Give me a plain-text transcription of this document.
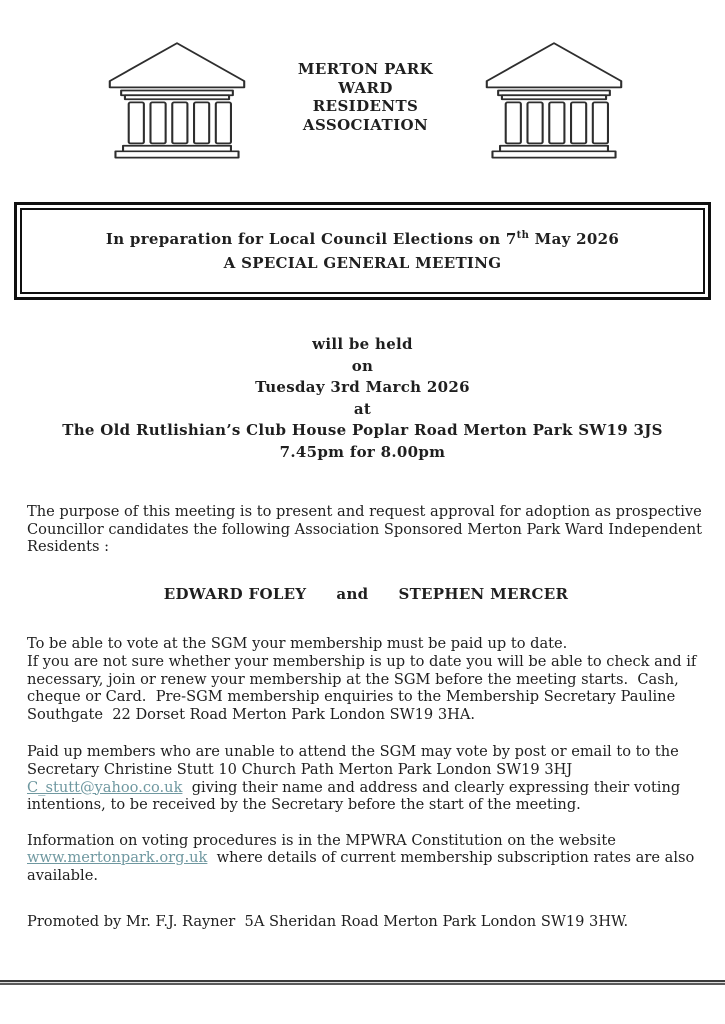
MERTON PARK
WARD
RESIDENTS
ASSOCIATION
In preparation for Local Council Elections on 7th May 2026
A SPECIAL GENERAL MEETING
will be held
on
Tuesday 3rd March 2026
at
The Old Rutlishian’s Club House Poplar Road Merton Park SW19 3JS
7.45pm for 8.00pm
The purpose of this meeting is to present and request approval for adoption as prospective
Councillor candidates the following Association Sponsored Merton Park Ward Independent
Residents :
EDWARD FOLEY and STEPHEN MERCER
To be able to vote at the SGM your membership must be paid up to date.
If you are not sure whether your membership is up to date you will be able to check and if
necessary, join or renew your membership at the SGM before the meeting starts.  Cash,
cheque or Card.  Pre-SGM membership enquiries to the Membership Secretary Pauline
Southgate  22 Dorset Road Merton Park London SW19 3HA.
Paid up members who are unable to attend the SGM may vote by post or email to to the
Secretary Christine Stutt 10 Church Path Merton Park London SW19 3HJ
C_stutt@yahoo.co.uk  giving their name and address and clearly expressing their voting
intentions, to be received by the Secretary before the start of the meeting.
Information on voting procedures is in the MPWRA Constitution on the website
www.mertonpark.org.uk  where details of current membership subscription rates are also
available.
Promoted by Mr. F.J. Rayner  5A Sheridan Road Merton Park London SW19 3HW.
